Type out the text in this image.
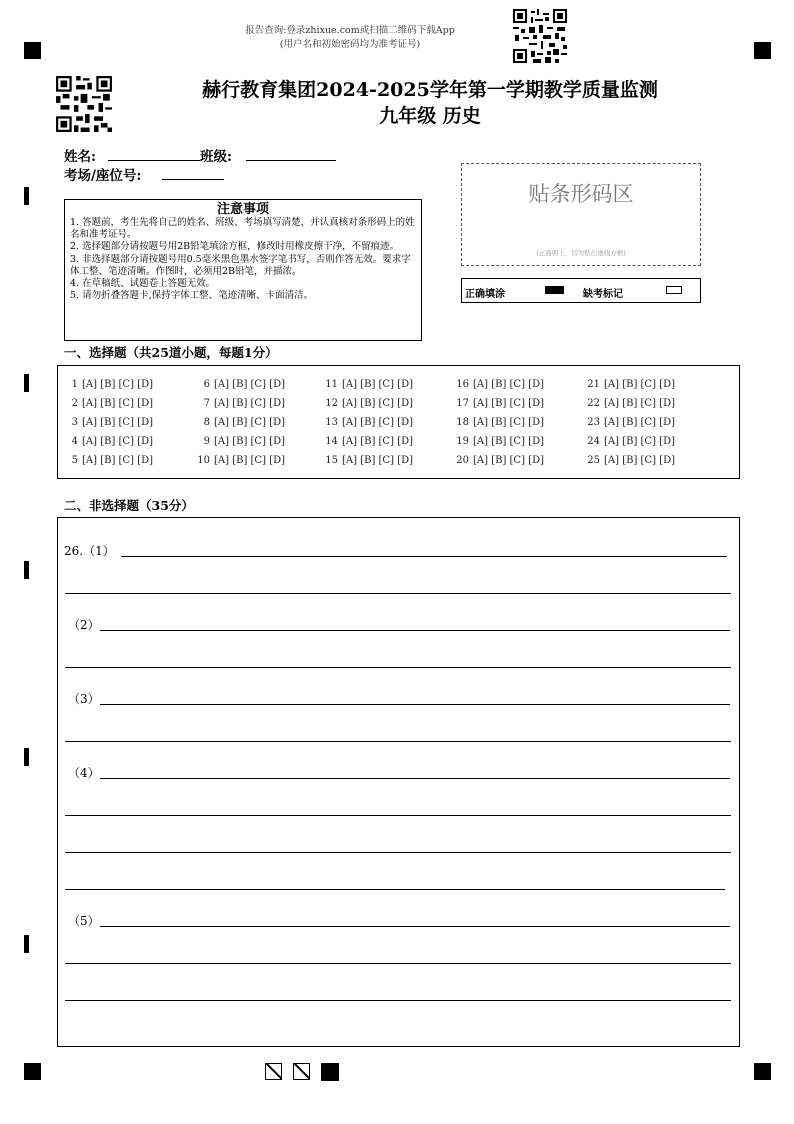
报告查询:登录zhixue.com或扫描二维码下载App
(用户名和初始密码均为准考证号)
赫行教育集团2024-2025学年第一学期教学质量监测
九年级 历史
姓名:	班级:
考场/座位号:
注意事项
1. 答题前，考生先将自己的姓名、班级、考场填写清楚，并认真核对条形码上的姓名和准考证号。
2. 选择题部分请按题号用2B铅笔填涂方框，修改时用橡皮擦干净，不留痕迹。
3. 非选择题部分请按题号用0.5毫米黑色墨水签字笔书写，否则作答无效。要求字体工整、笔迹清晰。作图时，必须用2B铅笔，并描浓。
4. 在草稿纸、试题卷上答题无效。
5. 请勿折叠答题卡,保持字体工整、笔迹清晰、卡面清洁。
贴条形码区
(正面朝上，切勿贴出虚线方框)
正确填涂	缺考标记
一、选择题（共25道小题，每题1分）
1 [A] [B] [C] [D]
2 [A] [B] [C] [D]
3 [A] [B] [C] [D]
4 [A] [B] [C] [D]
5 [A] [B] [C] [D]
6 [A] [B] [C] [D]
7 [A] [B] [C] [D]
8 [A] [B] [C] [D]
9 [A] [B] [C] [D]
10 [A] [B] [C] [D]
11 [A] [B] [C] [D]
12 [A] [B] [C] [D]
13 [A] [B] [C] [D]
14 [A] [B] [C] [D]
15 [A] [B] [C] [D]
16 [A] [B] [C] [D]
17 [A] [B] [C] [D]
18 [A] [B] [C] [D]
19 [A] [B] [C] [D]
20 [A] [B] [C] [D]
21 [A] [B] [C] [D]
22 [A] [B] [C] [D]
23 [A] [B] [C] [D]
24 [A] [B] [C] [D]
25 [A] [B] [C] [D]
二、非选择题（35分）
26.（1）
（2）
（3）
（4）
（5）
